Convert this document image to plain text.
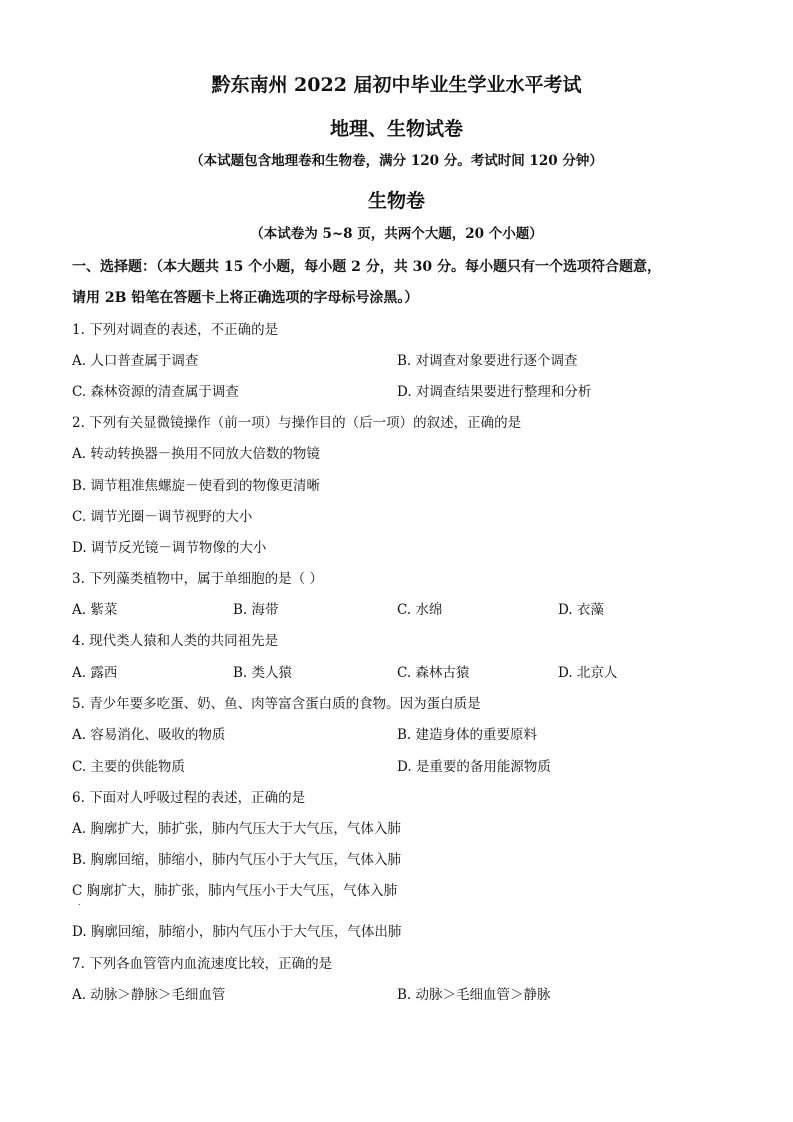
黔东南州 2022 届初中毕业生学业水平考试
地理、生物试卷
（本试题包含地理卷和生物卷，满分 120 分。考试时间 120 分钟）
生物卷
（本试卷为 5~8 页，共两个大题，20 个小题）
一、选择题：（本大题共 15 个小题，每小题 2 分，共 30 分。每小题只有一个选项符合题意，
请用 2B 铅笔在答题卡上将正确选项的字母标号涂黑。）
1. 下列对调查的表述，不正确的是
A. 人口普查属于调查	B. 对调查对象要进行逐个调查
C. 森林资源的清查属于调查	D. 对调查结果要进行整理和分析
2. 下列有关显微镜操作（前一项）与操作目的（后一项）的叙述，正确的是
A. 转动转换器－换用不同放大倍数的物镜
B. 调节粗准焦螺旋－使看到的物像更清晰
C. 调节光圈－调节视野的大小
D. 调节反光镜－调节物像的大小
3. 下列藻类植物中，属于单细胞的是（ ）
A. 紫菜	B. 海带	C. 水绵	D. 衣藻
4. 现代类人猿和人类的共同祖先是
A. 露西	B. 类人猿	C. 森林古猿	D. 北京人
5. 青少年要多吃蛋、奶、鱼、肉等富含蛋白质的食物。因为蛋白质是
A. 容易消化、吸收的物质	B. 建造身体的重要原料
C. 主要的供能物质	D. 是重要的备用能源物质
6. 下面对人呼吸过程的表述，正确的是
A. 胸廓扩大，肺扩张，肺内气压大于大气压，气体入肺
B. 胸廓回缩，肺缩小，肺内气压小于大气压，气体入肺
C 胸廓扩大，肺扩张，肺内气压小于大气压，气体入肺
.
D. 胸廓回缩，肺缩小，肺内气压小于大气压，气体出肺
7. 下列各血管管内血流速度比较，正确的是
A. 动脉＞静脉＞毛细血管	B. 动脉＞毛细血管＞静脉
